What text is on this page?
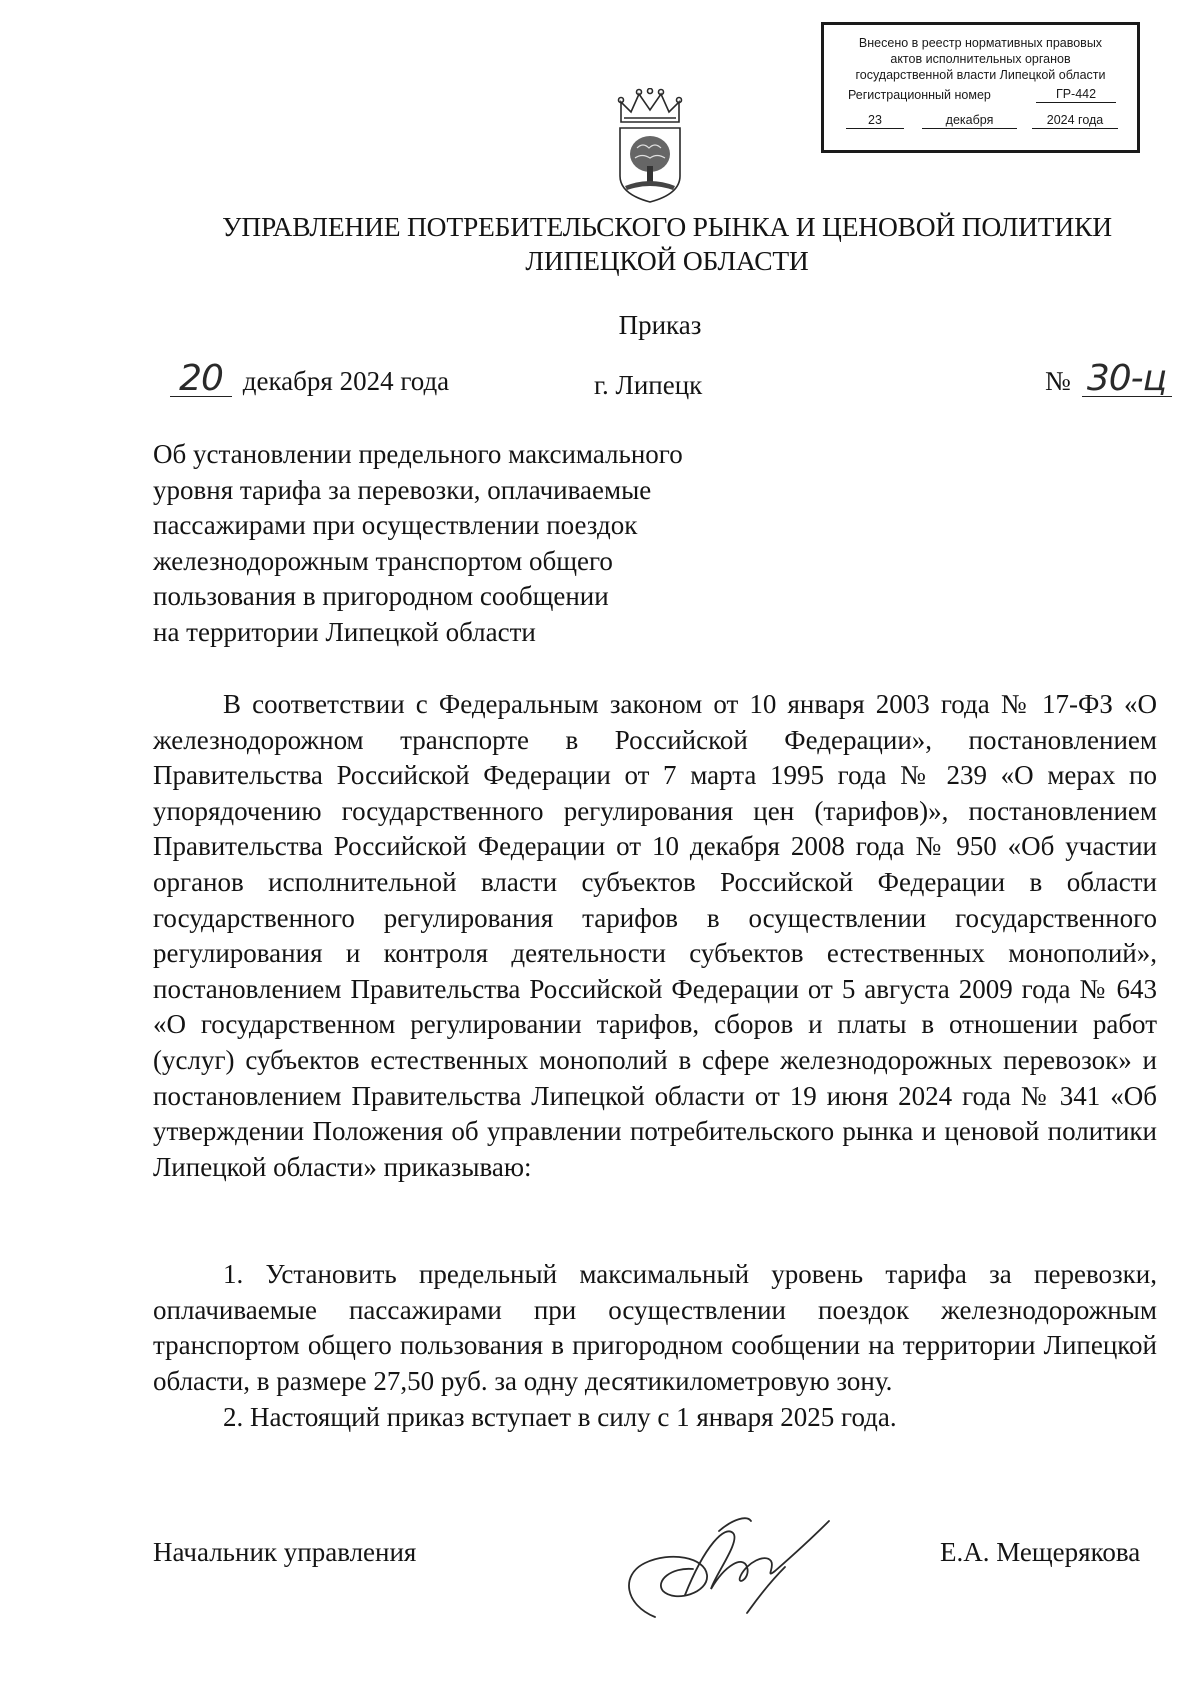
Внесено в реестр нормативных правовых
актов исполнительных органов
государственной власти Липецкой области
Регистрационный номер	ГР-442
23	декабря	2024 года
УПРАВЛЕНИЕ ПОТРЕБИТЕЛЬСКОГО РЫНКА И ЦЕНОВОЙ ПОЛИТИКИ
ЛИПЕЦКОЙ ОБЛАСТИ
Приказ
20 декабря 2024 года	г. Липецк	№ 30-ц
Об установлении предельного максимального
уровня тарифа за перевозки, оплачиваемые
пассажирами при осуществлении поездок
железнодорожным транспортом общего
пользования в пригородном сообщении
на территории Липецкой области
В соответствии с Федеральным законом от 10 января 2003 года № 17-ФЗ «О железнодорожном транспорте в Российской Федерации», постановлением Правительства Российской Федерации от 7 марта 1995 года № 239 «О мерах по упорядочению государственного регулирования цен (тарифов)», постановлением Правительства Российской Федерации от 10 декабря 2008 года № 950 «Об участии органов исполнительной власти субъектов Российской Федерации в области государственного регулирования тарифов в осуществлении государственного регулирования и контроля деятельности субъектов естественных монополий», постановлением Правительства Российской Федерации от 5 августа 2009 года № 643 «О государственном регулировании тарифов, сборов и платы в отношении работ (услуг) субъектов естественных монополий в сфере железнодорожных перевозок» и постановлением Правительства Липецкой области от 19 июня 2024 года № 341 «Об утверждении Положения об управлении потребительского рынка и ценовой политики Липецкой области» приказываю:
1. Установить предельный максимальный уровень тарифа за перевозки, оплачиваемые пассажирами при осуществлении поездок железнодорожным транспортом общего пользования в пригородном сообщении на территории Липецкой области, в размере 27,50 руб. за одну десятикилометровую зону.
2. Настоящий приказ вступает в силу с 1 января 2025 года.
Начальник управления	Е.А. Мещерякова
